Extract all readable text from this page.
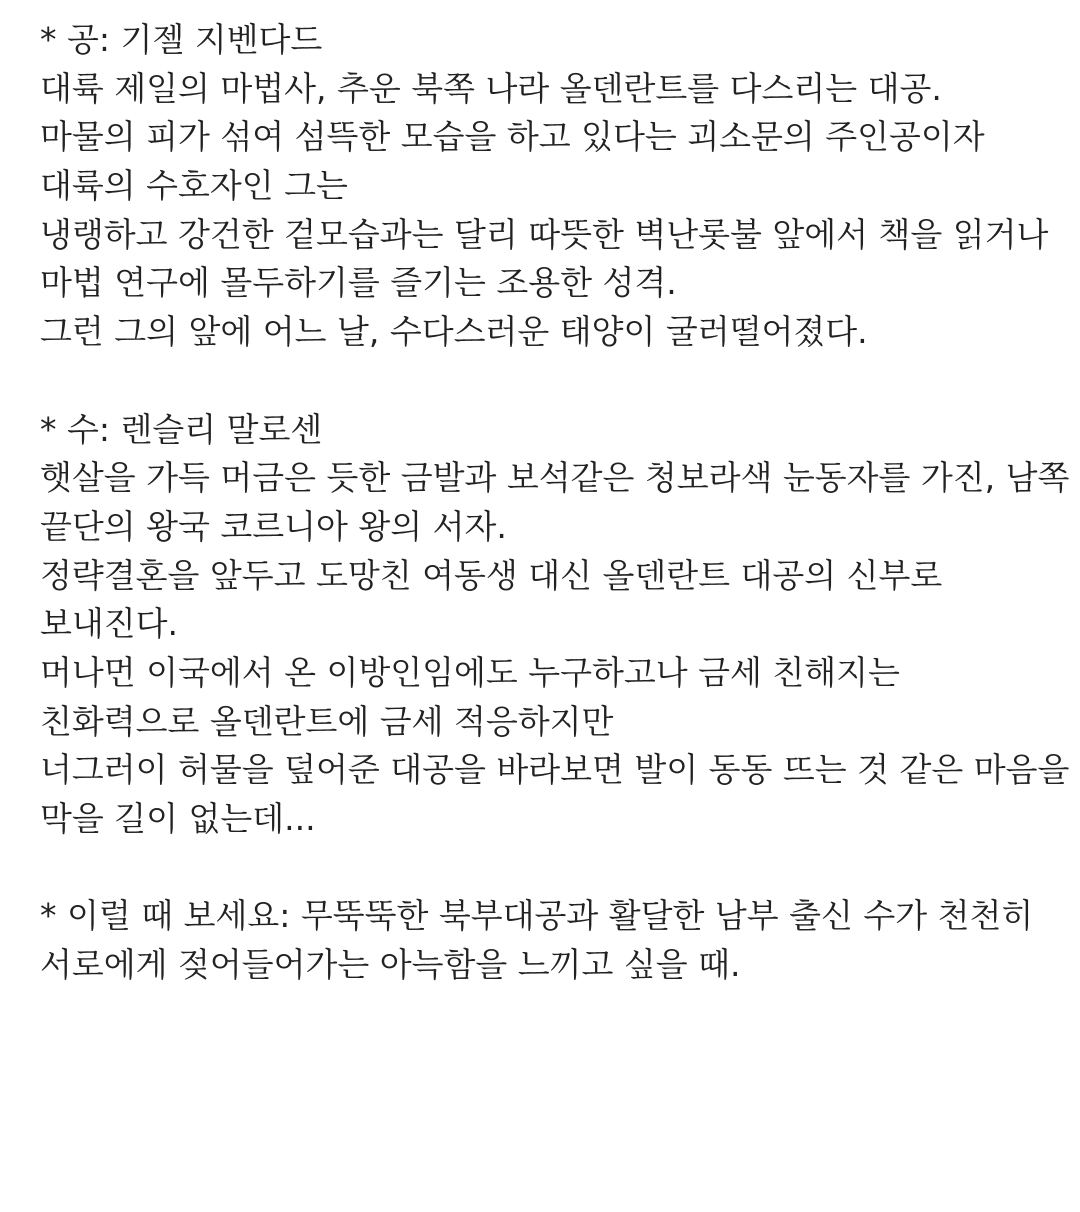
* 공: 기젤 지벤다드
대륙 제일의 마법사, 추운 북쪽 나라 올덴란트를 다스리는 대공.
마물의 피가 섞여 섬뜩한 모습을 하고 있다는 괴소문의 주인공이자
대륙의 수호자인 그는
냉랭하고 강건한 겉모습과는 달리 따뜻한 벽난롯불 앞에서 책을 읽거나
마법 연구에 몰두하기를 즐기는 조용한 성격.
그런 그의 앞에 어느 날, 수다스러운 태양이 굴러떨어졌다.
* 수: 렌슬리 말로센
햇살을 가득 머금은 듯한 금발과 보석같은 청보라색 눈동자를 가진, 남쪽
끝단의 왕국 코르니아 왕의 서자.
정략결혼을 앞두고 도망친 여동생 대신 올덴란트 대공의 신부로
보내진다.
머나먼 이국에서 온 이방인임에도 누구하고나 금세 친해지는
친화력으로 올덴란트에 금세 적응하지만
너그러이 허물을 덮어준 대공을 바라보면 발이 동동 뜨는 것 같은 마음을
막을 길이 없는데...
* 이럴 때 보세요: 무뚝뚝한 북부대공과 활달한 남부 출신 수가 천천히
서로에게 젖어들어가는 아늑함을 느끼고 싶을 때.
